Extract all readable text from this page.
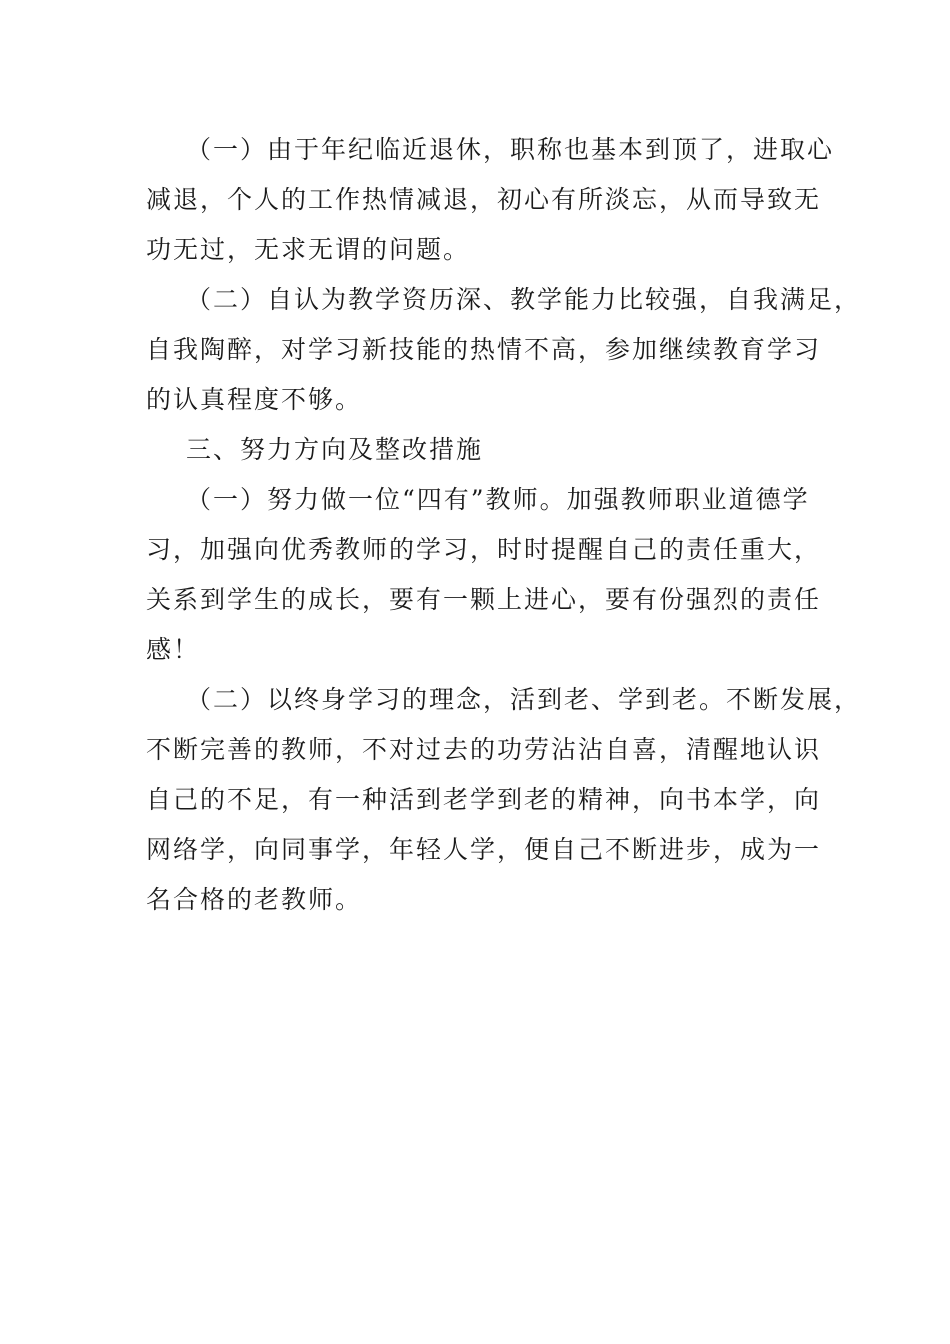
（一）由于年纪临近退休，职称也基本到顶了，进取心

减退，个人的工作热情减退，初心有所淡忘，从而导致无

功无过，无求无谓的问题。

（二）自认为教学资历深、教学能力比较强，自我满足，

自我陶醉，对学习新技能的热情不高，参加继续教育学习

的认真程度不够。

三、努力方向及整改措施

（一）努力做一位“四有”教师。加强教师职业道德学

习，加强向优秀教师的学习，时时提醒自己的责任重大，

关系到学生的成长，要有一颗上进心，要有份强烈的责任

感！

（二）以终身学习的理念，活到老、学到老。不断发展，

不断完善的教师，不对过去的功劳沾沾自喜，清醒地认识

自己的不足，有一种活到老学到老的精神，向书本学，向

网络学，向同事学，年轻人学，便自己不断进步，成为一

名合格的老教师。
